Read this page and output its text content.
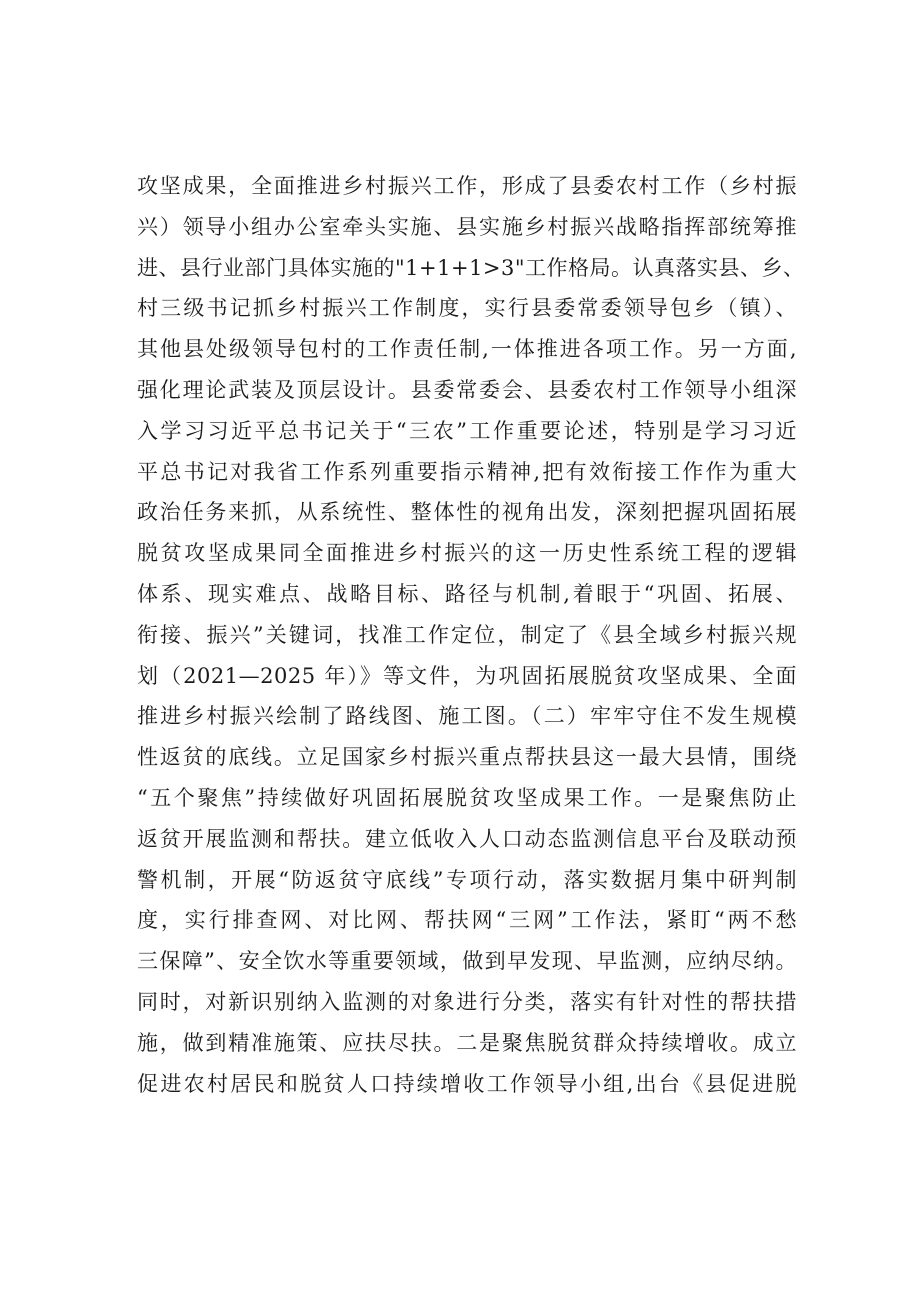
攻坚成果，全面推进乡村振兴工作，形成了县委农村工作（乡村振
兴）领导小组办公室牵头实施、县实施乡村振兴战略指挥部统筹推
进、县行业部门具体实施的"1+1+1>3"工作格局。认真落实县、乡、
村三级书记抓乡村振兴工作制度，实行县委常委领导包乡（镇）、
其他县处级领导包村的工作责任制,一体推进各项工作。另一方面,
强化理论武装及顶层设计。县委常委会、县委农村工作领导小组深
入学习习近平总书记关于“三农”工作重要论述，特别是学习习近
平总书记对我省工作系列重要指示精神,把有效衔接工作作为重大
政治任务来抓，从系统性、整体性的视角出发，深刻把握巩固拓展
脱贫攻坚成果同全面推进乡村振兴的这一历史性系统工程的逻辑
体系、现实难点、战略目标、路径与机制,着眼于“巩固、拓展、
衔接、振兴”关键词，找准工作定位，制定了《县全域乡村振兴规
划（2021—2025 年）》等文件，为巩固拓展脱贫攻坚成果、全面
推进乡村振兴绘制了路线图、施工图。（二）牢牢守住不发生规模
性返贫的底线。立足国家乡村振兴重点帮扶县这一最大县情，围绕
“五个聚焦”持续做好巩固拓展脱贫攻坚成果工作。一是聚焦防止
返贫开展监测和帮扶。建立低收入人口动态监测信息平台及联动预
警机制，开展“防返贫守底线”专项行动，落实数据月集中研判制
度，实行排查网、对比网、帮扶网“三网”工作法，紧盯“两不愁
三保障”、安全饮水等重要领域，做到早发现、早监测，应纳尽纳。
同时，对新识别纳入监测的对象进行分类，落实有针对性的帮扶措
施，做到精准施策、应扶尽扶。二是聚焦脱贫群众持续增收。成立
促进农村居民和脱贫人口持续增收工作领导小组,出台《县促进脱
